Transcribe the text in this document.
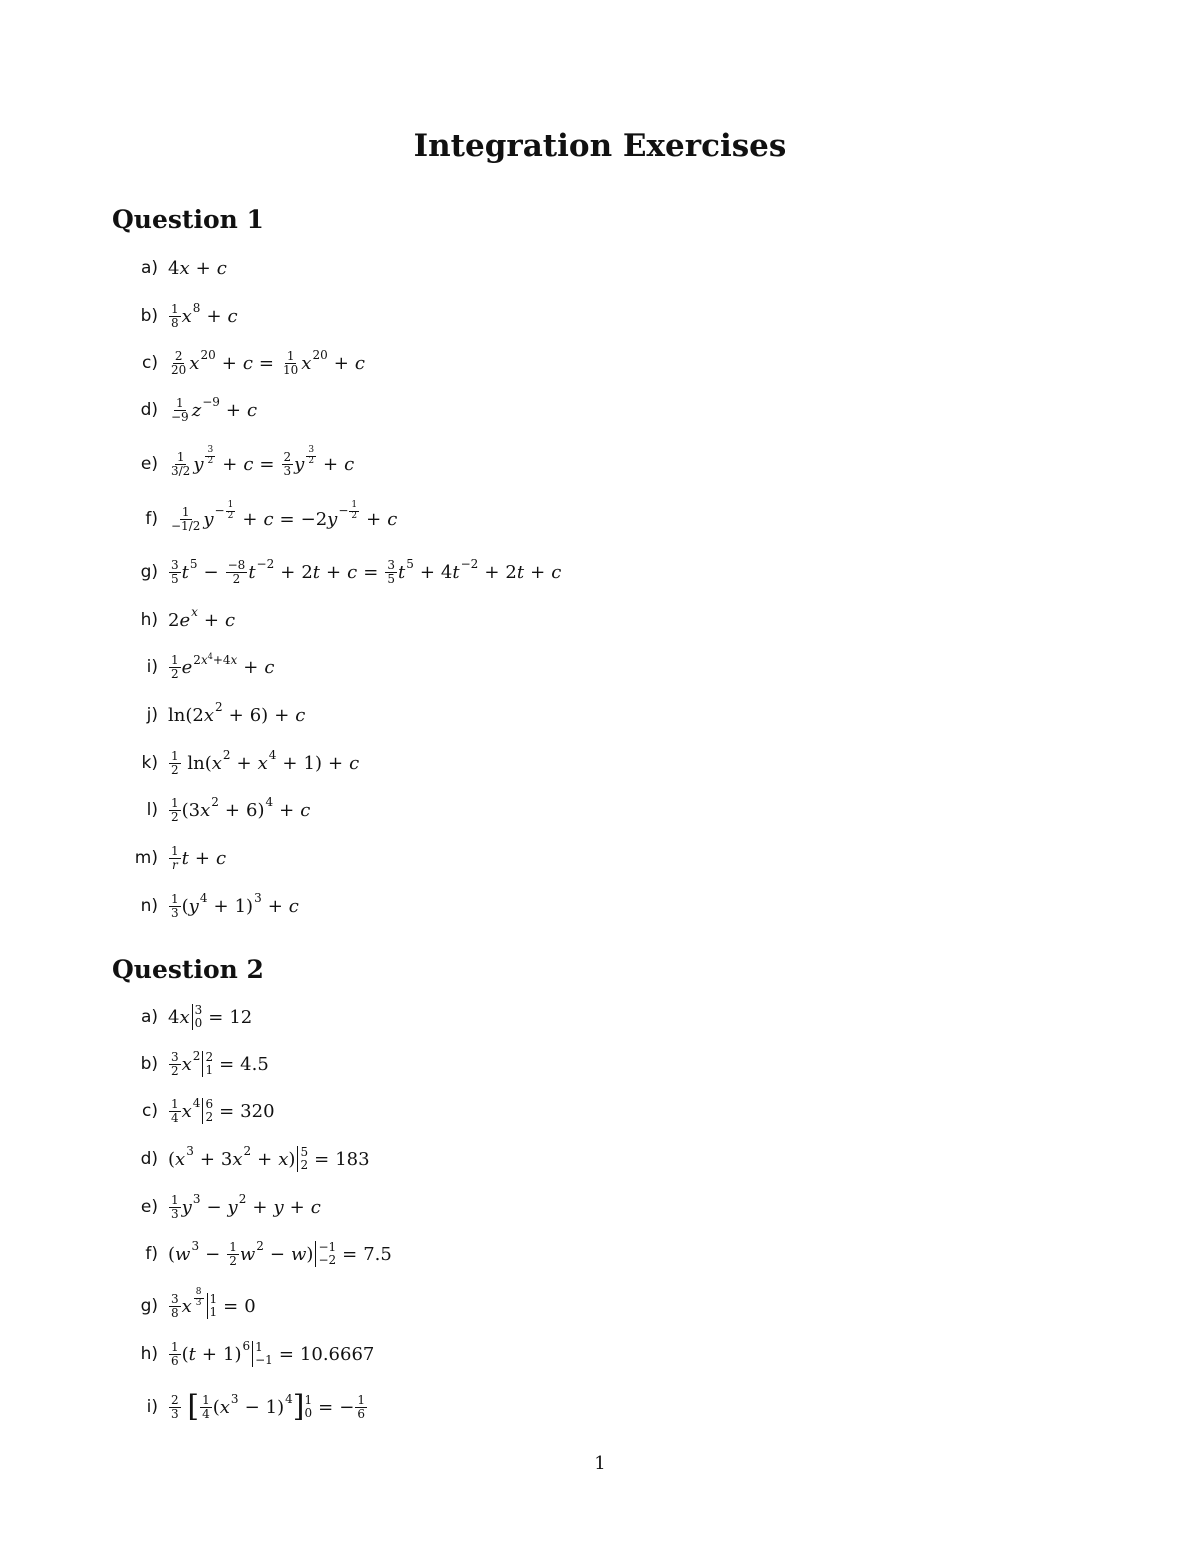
Integration Exercises
Question 1
a) 4 x + c
$b) \frac{1}{8}$ x 8 + c
$c) \frac{2}{20}$ x $20 + c = \frac{1}{10}$ x 20 + c
$d) \frac{1}{-9}$ z −9 + c
$e) \frac{1}{3/2}$ y $\frac{3}{2} + c = \frac{2}{3}$ y $\frac{3}{2} + c$
$f) \frac{1}{-1/2}$ $y - \frac{1}{2} + c = -2$ $y - \frac{1}{2} + c$
$g) \frac{3}{5}$ t $5 - \frac{-8}{2}$ t −2 + 2 $t + c = \frac{3}{5}$ t 5 + 4 t −2 + 2 t + c
h) 2 e x + c
$i) \frac{1}{2}$ e $2x^4+4x + c$
j) ln(2 x 2 + 6) + c
$k) \frac{1}{2} \ln$( x 2 + x 4 + 1) + c
$l) \frac{1}{2} (3$ x 2 + 6) 4 + c
$m) \frac{1}{r}$ t + c
$n) \frac{1}{3}$ ( y 4 + 1) 3 + c
Question 2
a) 4 x 3
0 = 12
$b) \frac{3}{2}$ x 2 2
1 = 4.5
$c) \frac{1}{4}$ x 4 6
2 = 320
d) ( x 3 + 3 x 2 + x ) 5
2 = 183
$e) \frac{1}{3}$ y 3 − y 2 + y + c
f) ( w $3 - \frac{1}{2}$ w 2 − w ) −1
−2 = 7.5
$g) \frac{3}{8}$ x $\frac{8}{3} 1$
1 = 0
$h) \frac{1}{6}$ ( t + 1) 6 1
−1 = 10.6667
$i) \frac{2}{3}$
[ $\frac{1}{4}$ ( x 3 − 1) 4 ] 1
0 = − $\frac{1}{6}$
1
